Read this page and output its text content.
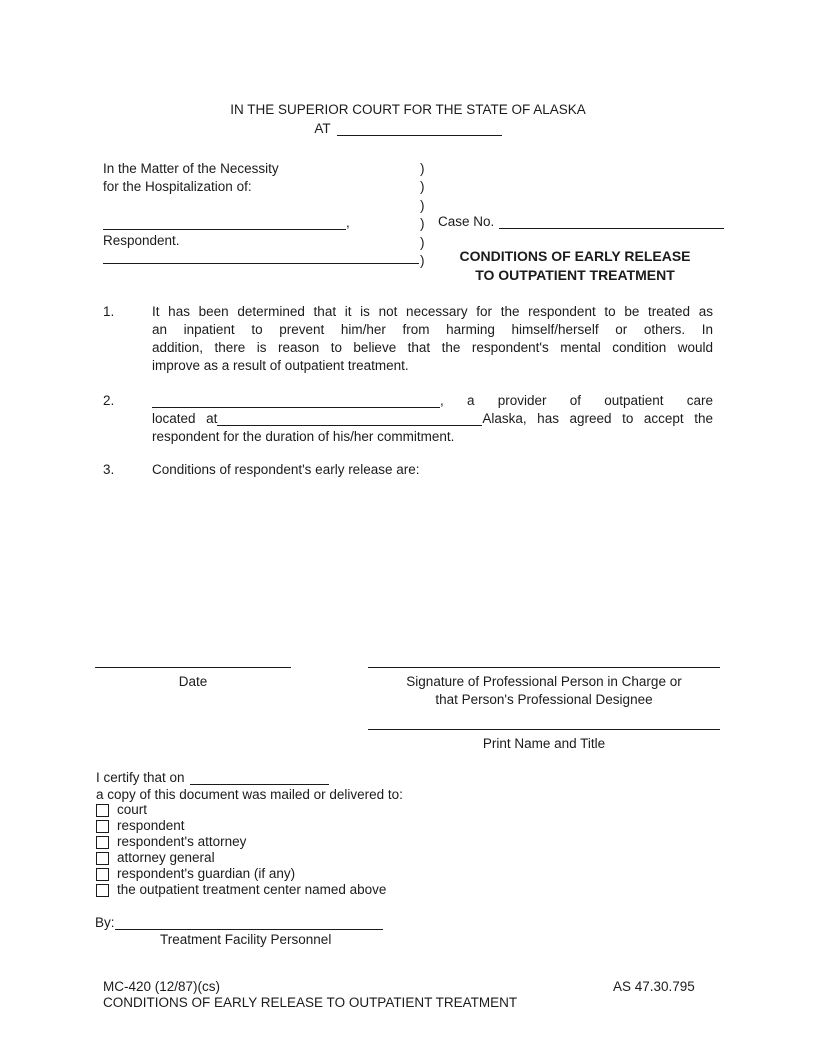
IN THE SUPERIOR COURT FOR THE STATE OF ALASKA
AT
In the Matter of the Necessity
for the Hospitalization of:
,
Respondent.
)
)
)
)
)
)
Case No.
CONDITIONS OF EARLY RELEASE
TO OUTPATIENT TREATMENT
1.	It has been determined that it is not necessary for the respondent to be treated as
an inpatient to prevent him/her from harming himself/herself or others. In
addition, there is reason to believe that the respondent's mental condition would
improve as a result of outpatient treatment.
2.	, a provider of outpatient care
located at	Alaska, has agreed to accept the
respondent for the duration of his/her commitment.
3.	Conditions of respondent's early release are:
Date	Signature of Professional Person in Charge or
that Person's Professional Designee
Print Name and Title
I certify that on
a copy of this document was mailed or delivered to:
court
respondent
respondent's attorney
attorney general
respondent's guardian (if any)
the outpatient treatment center named above
By:
Treatment Facility Personnel
MC-420 (12/87)(cs)	AS 47.30.795
CONDITIONS OF EARLY RELEASE TO OUTPATIENT TREATMENT
